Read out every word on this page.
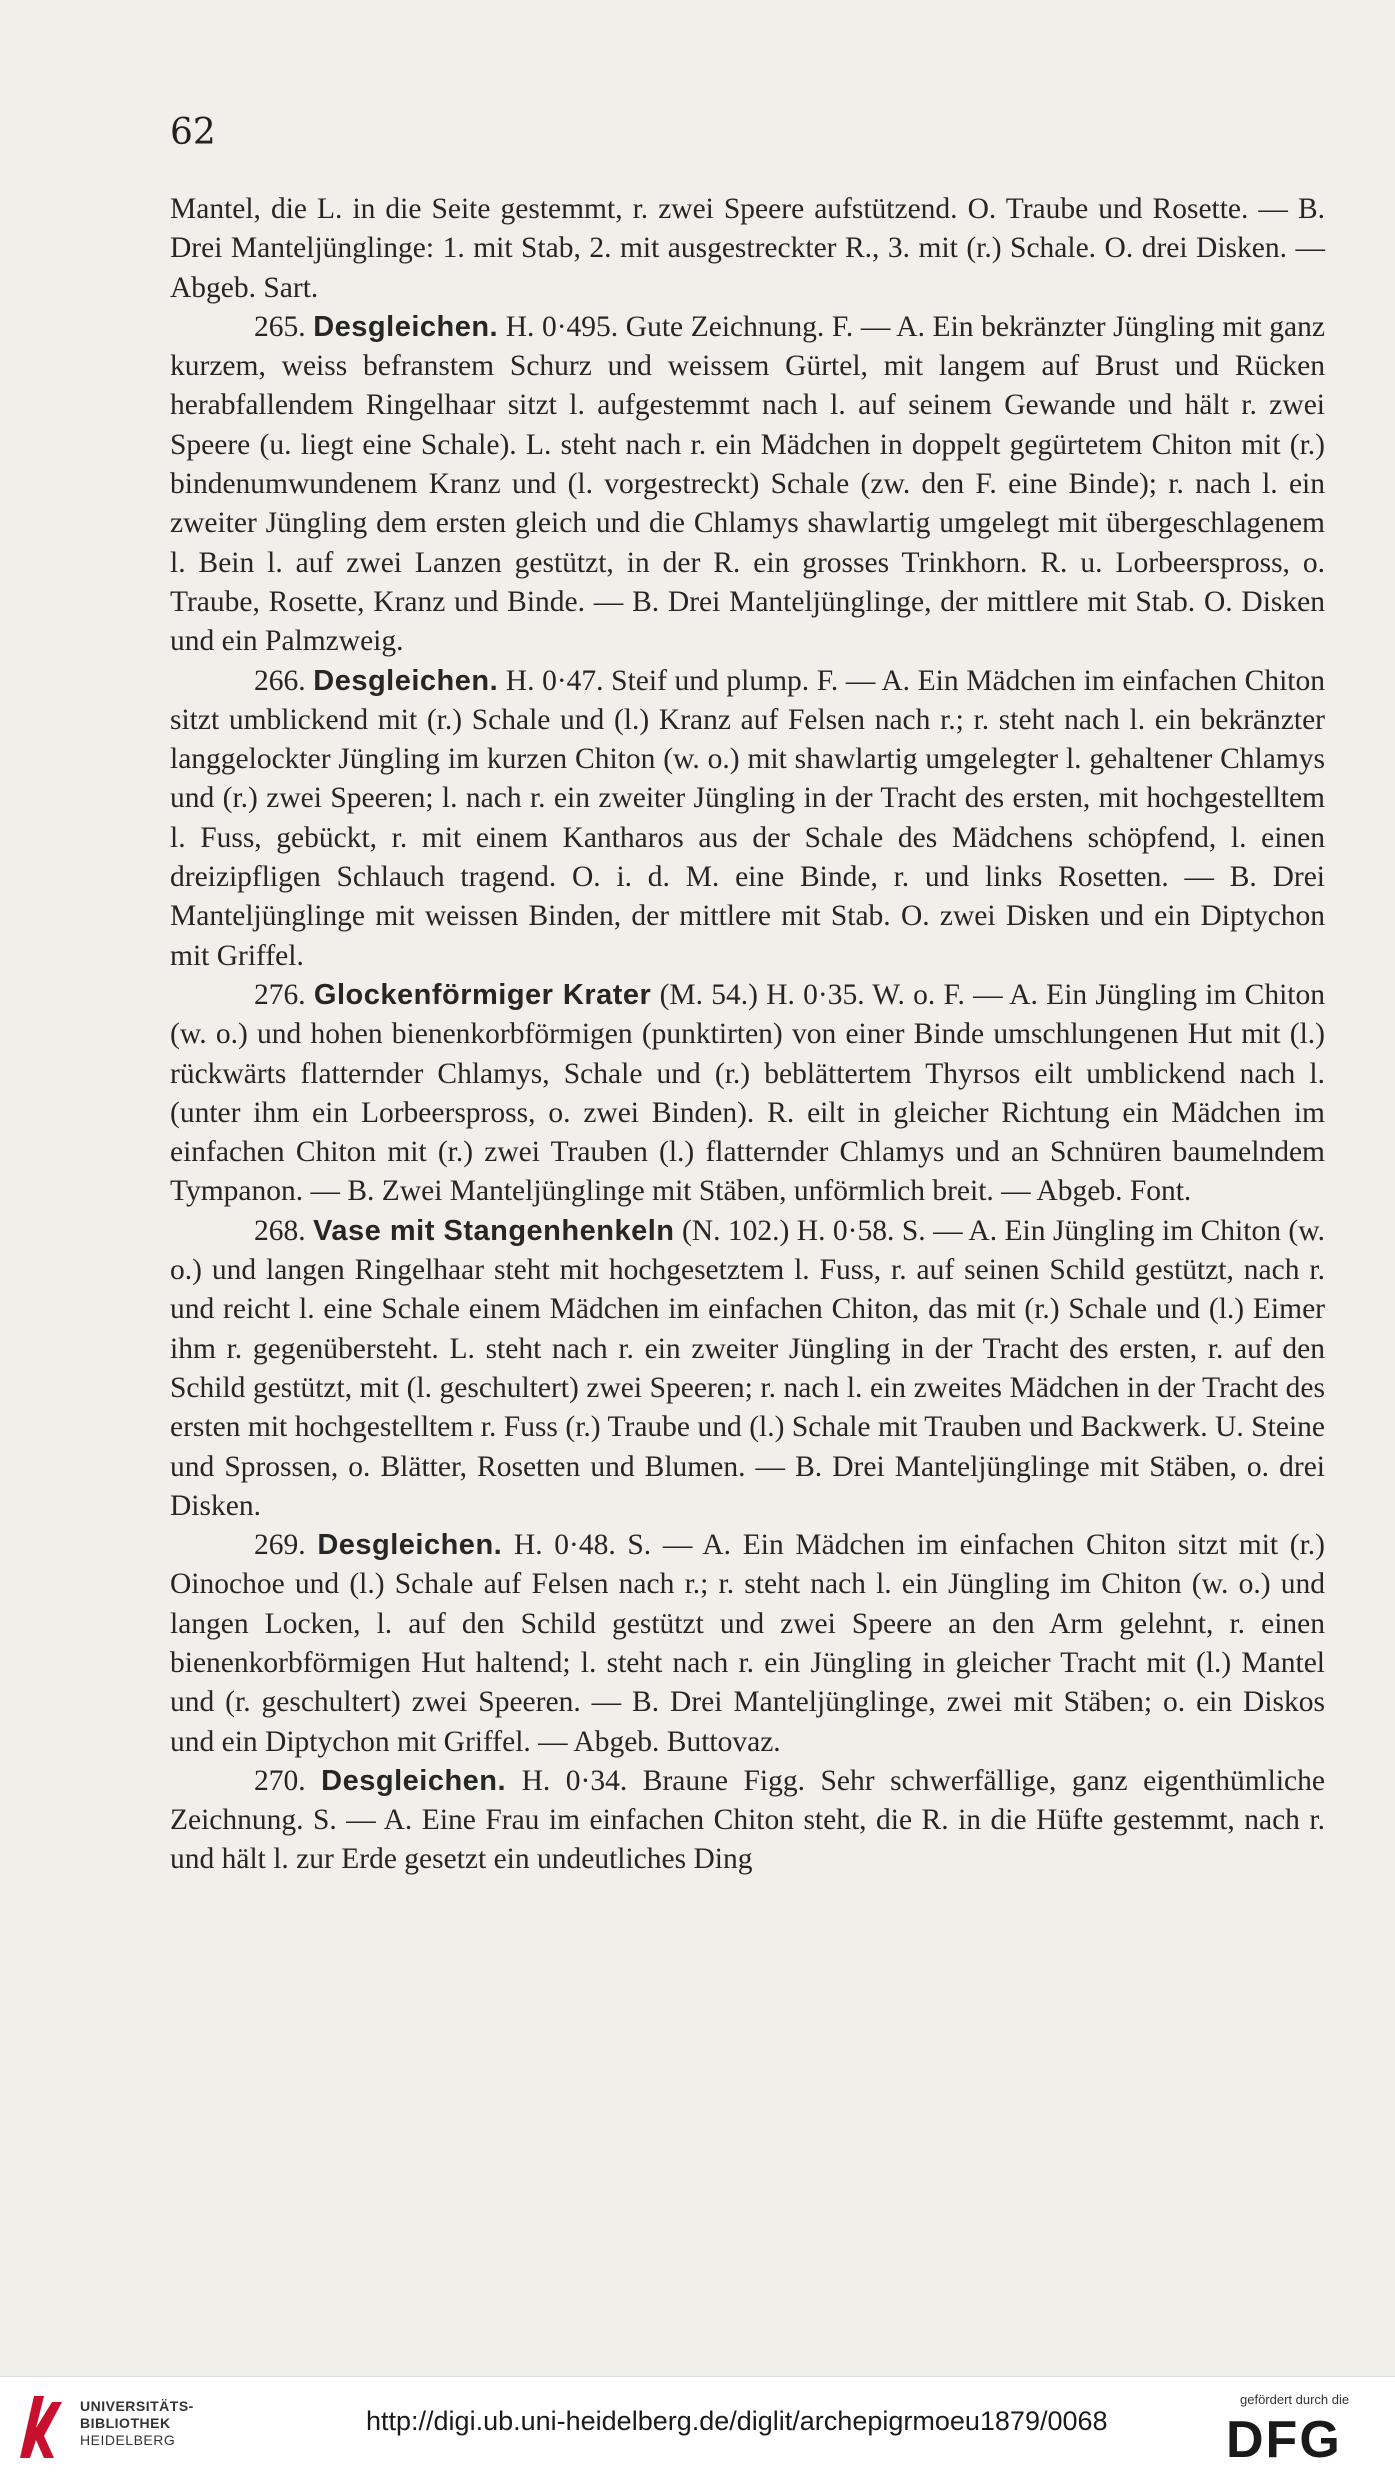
62

Mantel, die L. in die Seite gestemmt, r. zwei Speere aufstützend. O. Traube und Rosette. — B. Drei Manteljünglinge: 1. mit Stab, 2. mit ausgestreckter R., 3. mit (r.) Schale. O. drei Disken. — Abgeb. Sart.

265. Desgleichen. H. 0·495. Gute Zeichnung. F. — A. Ein bekränzter Jüngling mit ganz kurzem, weiss befranstem Schurz und weissem Gürtel, mit langem auf Brust und Rücken herabfallendem Ringelhaar sitzt l. aufgestemmt nach l. auf seinem Gewande und hält r. zwei Speere (u. liegt eine Schale). L. steht nach r. ein Mädchen in doppelt gegürtetem Chiton mit (r.) bindenumwundenem Kranz und (l. vorgestreckt) Schale (zw. den F. eine Binde); r. nach l. ein zweiter Jüngling dem ersten gleich und die Chlamys shawlartig umgelegt mit übergeschlagenem l. Bein l. auf zwei Lanzen gestützt, in der R. ein grosses Trinkhorn. R. u. Lorbeerspross, o. Traube, Rosette, Kranz und Binde. — B. Drei Manteljünglinge, der mittlere mit Stab. O. Disken und ein Palmzweig.

266. Desgleichen. H. 0·47. Steif und plump. F. — A. Ein Mädchen im einfachen Chiton sitzt umblickend mit (r.) Schale und (l.) Kranz auf Felsen nach r.; r. steht nach l. ein bekränzter langgelockter Jüngling im kurzen Chiton (w. o.) mit shawlartig umgelegter l. gehaltener Chlamys und (r.) zwei Speeren; l. nach r. ein zweiter Jüngling in der Tracht des ersten, mit hochgestelltem l. Fuss, gebückt, r. mit einem Kantharos aus der Schale des Mädchens schöpfend, l. einen dreizipfligen Schlauch tragend. O. i. d. M. eine Binde, r. und links Rosetten. — B. Drei Manteljünglinge mit weissen Binden, der mittlere mit Stab. O. zwei Disken und ein Diptychon mit Griffel.

276. Glockenförmiger Krater (M. 54.) H. 0·35. W. o. F. — A. Ein Jüngling im Chiton (w. o.) und hohen bienenkorbförmigen (punktirten) von einer Binde umschlungenen Hut mit (l.) rückwärts flatternder Chlamys, Schale und (r.) beblättertem Thyrsos eilt umblickend nach l. (unter ihm ein Lorbeerspross, o. zwei Binden). R. eilt in gleicher Richtung ein Mädchen im einfachen Chiton mit (r.) zwei Trauben (l.) flatternder Chlamys und an Schnüren baumelndem Tympanon. — B. Zwei Manteljünglinge mit Stäben, unförmlich breit. — Abgeb. Font.

268. Vase mit Stangenhenkeln (N. 102.) H. 0·58. S. — A. Ein Jüngling im Chiton (w. o.) und langen Ringelhaar steht mit hochgesetztem l. Fuss, r. auf seinen Schild gestützt, nach r. und reicht l. eine Schale einem Mädchen im einfachen Chiton, das mit (r.) Schale und (l.) Eimer ihm r. gegenübersteht. L. steht nach r. ein zweiter Jüngling in der Tracht des ersten, r. auf den Schild gestützt, mit (l. geschultert) zwei Speeren; r. nach l. ein zweites Mädchen in der Tracht des ersten mit hochgestelltem r. Fuss (r.) Traube und (l.) Schale mit Trauben und Backwerk. U. Steine und Sprossen, o. Blätter, Rosetten und Blumen. — B. Drei Manteljünglinge mit Stäben, o. drei Disken.

269. Desgleichen. H. 0·48. S. — A. Ein Mädchen im einfachen Chiton sitzt mit (r.) Oinochoe und (l.) Schale auf Felsen nach r.; r. steht nach l. ein Jüngling im Chiton (w. o.) und langen Locken, l. auf den Schild gestützt und zwei Speere an den Arm gelehnt, r. einen bienenkorbförmigen Hut haltend; l. steht nach r. ein Jüngling in gleicher Tracht mit (l.) Mantel und (r. geschultert) zwei Speeren. — B. Drei Manteljünglinge, zwei mit Stäben; o. ein Diskos und ein Diptychon mit Griffel. — Abgeb. Buttovaz.

270. Desgleichen. H. 0·34. Braune Figg. Sehr schwerfällige, ganz eigenthümliche Zeichnung. S. — A. Eine Frau im einfachen Chiton steht, die R. in die Hüfte gestemmt, nach r. und hält l. zur Erde gesetzt ein undeutliches Ding

UNIVERSITÄTS-
BIBLIOTHEK
HEIDELBERG
http://digi.ub.uni-heidelberg.de/diglit/archepigrmoeu1879/0068
gefördert durch die
DFG
